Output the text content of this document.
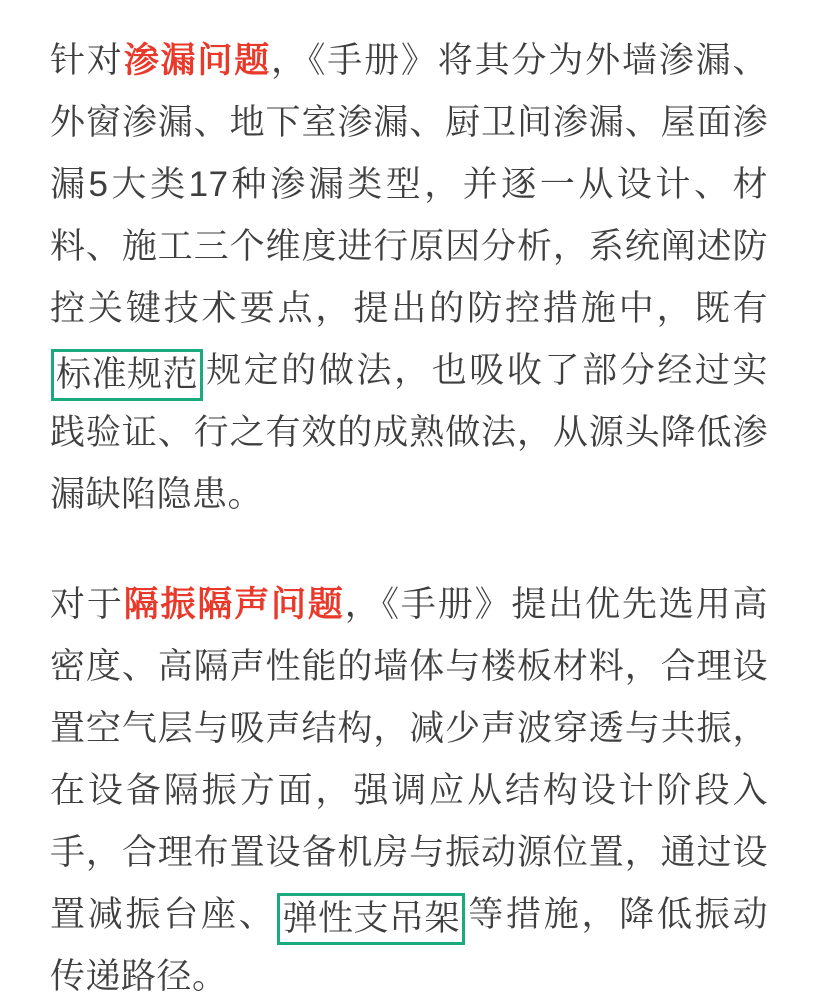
针对渗漏问题，《手册》将其分为外墙渗漏、外窗渗漏、地下室渗漏、厨卫间渗漏、屋面渗漏5大类17种渗漏类型，并逐一从设计、材料、施工三个维度进行原因分析，系统阐述防控关键技术要点，提出的防控措施中，既有标准规范 规定的做法，也吸收了部分经过实践验证、行之有效的成熟做法，从源头降低渗漏缺陷隐患。

对于隔振隔声问题，《手册》提出优先选用高密度、高隔声性能的墙体与楼板材料，合理设置空气层与吸声结构，减少声波穿透与共振，在设备隔振方面，强调应从结构设计阶段入手，合理布置设备机房与振动源位置，通过设置减振台座、 弹性支吊架 等措施，降低振动传递路径。
